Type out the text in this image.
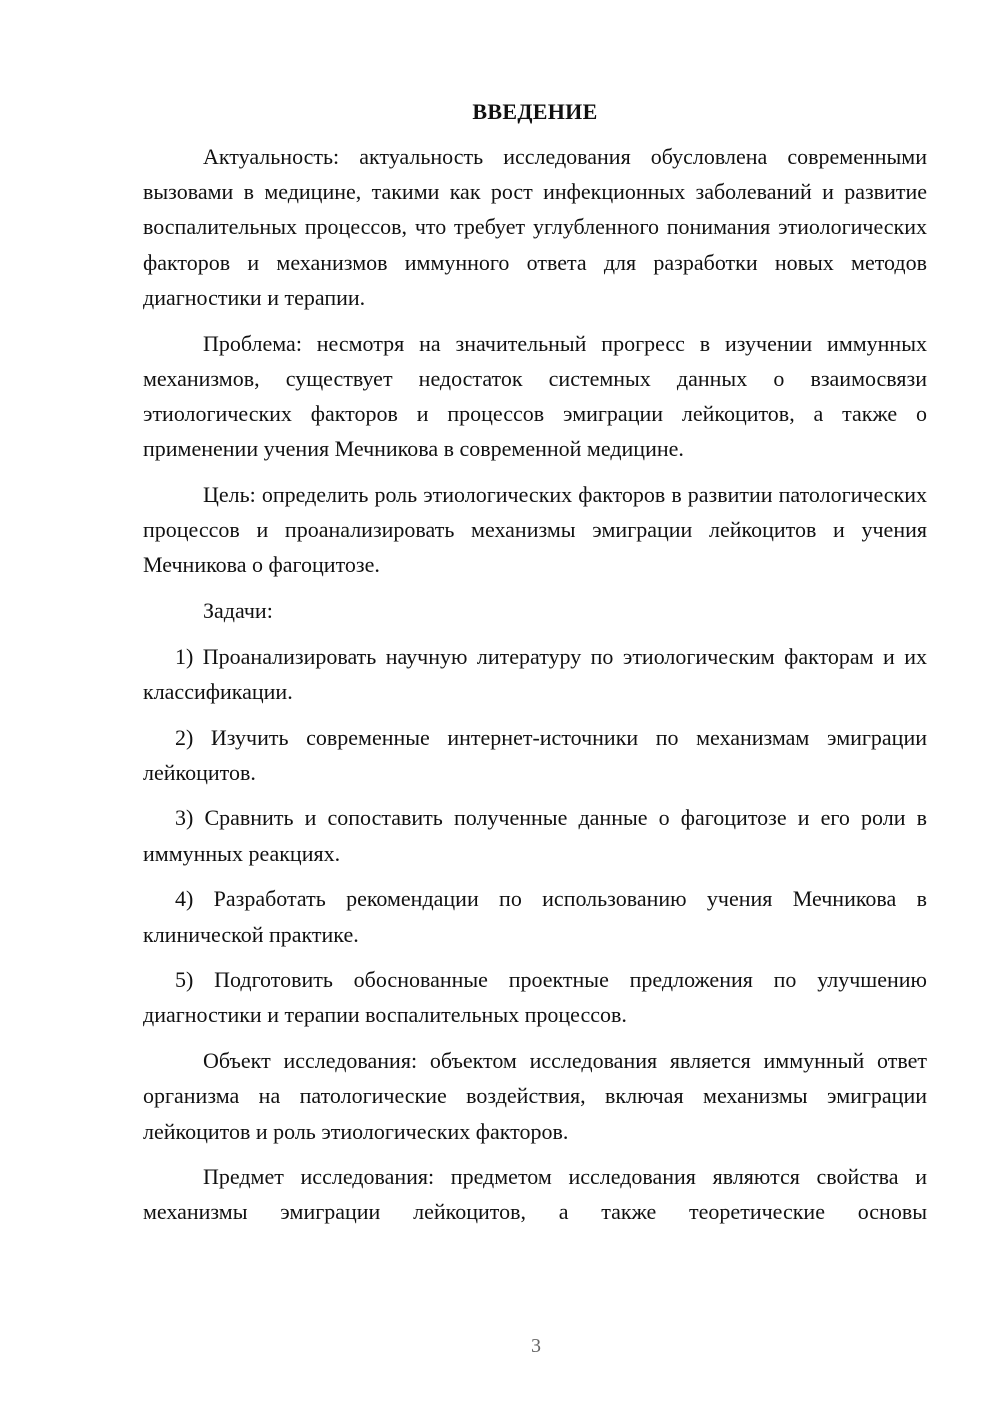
ВВЕДЕНИЕ

Актуальность: актуальность исследования обусловлена современными вызовами в медицине, такими как рост инфекционных заболеваний и развитие воспалительных процессов, что требует углубленного понимания этиологических факторов и механизмов иммунного ответа для разработки новых методов диагностики и терапии.

Проблема: несмотря на значительный прогресс в изучении иммунных механизмов, существует недостаток системных данных о взаимосвязи этиологических факторов и процессов эмиграции лейкоцитов, а также о применении учения Мечникова в современной медицине.

Цель: определить роль этиологических факторов в развитии патологических процессов и проанализировать механизмы эмиграции лейкоцитов и учения Мечникова о фагоцитозе.

Задачи:

1) Проанализировать научную литературу по этиологическим факторам и их классификации.

2) Изучить современные интернет-источники по механизмам эмиграции лейкоцитов.

3) Сравнить и сопоставить полученные данные о фагоцитозе и его роли в иммунных реакциях.

4) Разработать рекомендации по использованию учения Мечникова в клинической практике.

5) Подготовить обоснованные проектные предложения по улучшению диагностики и терапии воспалительных процессов.

Объект исследования: объектом исследования является иммунный ответ организма на патологические воздействия, включая механизмы эмиграции лейкоцитов и роль этиологических факторов.

Предмет исследования: предметом исследования являются свойства и механизмы эмиграции лейкоцитов, а также теоретические основы

3
